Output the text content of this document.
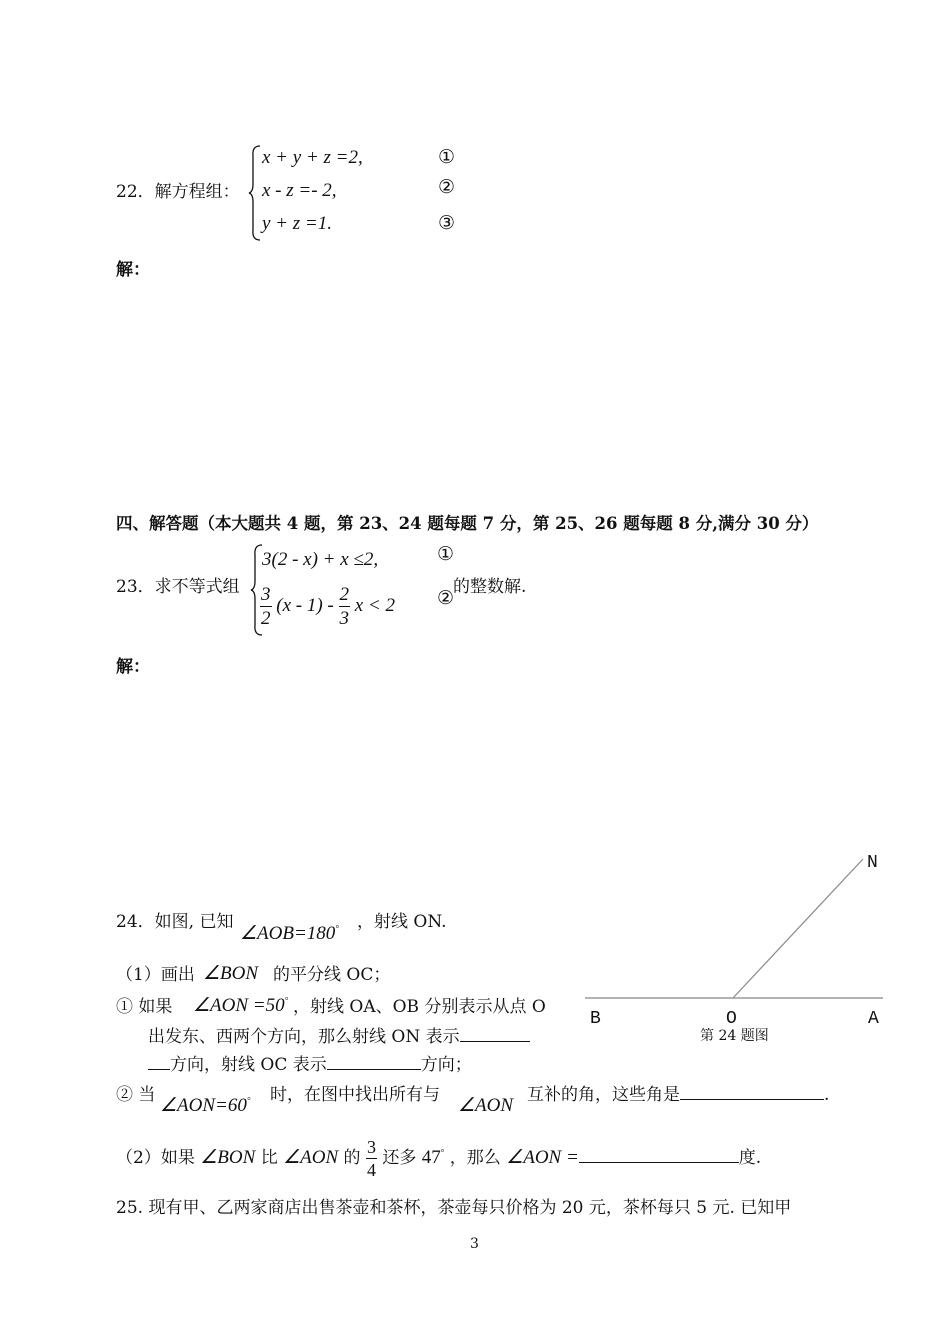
22．解方程组：
x + y + z =2,
x - z =- 2,
y + z =1.
①
②
③
解：
四、解答题（本大题共 4 题，第 23、24 题每题 7 分，第 25、26 题每题 8 分,满分 30 分）
23．求不等式组
3(2 - x) + x ≤2,
$\frac{3}{2} (x - 1) - \frac{2}{3}$ x < 2
①
②
的整数解.
解：
N
B	O	A
第 24 题图
24．如图, 已知
∠AOB=180° ，射线 ON.
（1）画出 ∠BON 的平分线 OC；
① 如果 ∠AON =50° ，射线 OA、OB 分别表示从点 O
出发东、西两个方向，那么射线 ON 表示
方向，射线 OC 表示	方向；
② 当 ∠AON=60° 时，在图中找出所有与 ∠AON 互补的角，这些角是	.
（2）如果 ∠BON 比 ∠AON 的 $\frac{3}{4}$ 还多 47° ，那么 ∠AON =	度.
25. 现有甲、乙两家商店出售茶壶和茶杯，茶壶每只价格为 20 元，茶杯每只 5 元. 已知甲
3
